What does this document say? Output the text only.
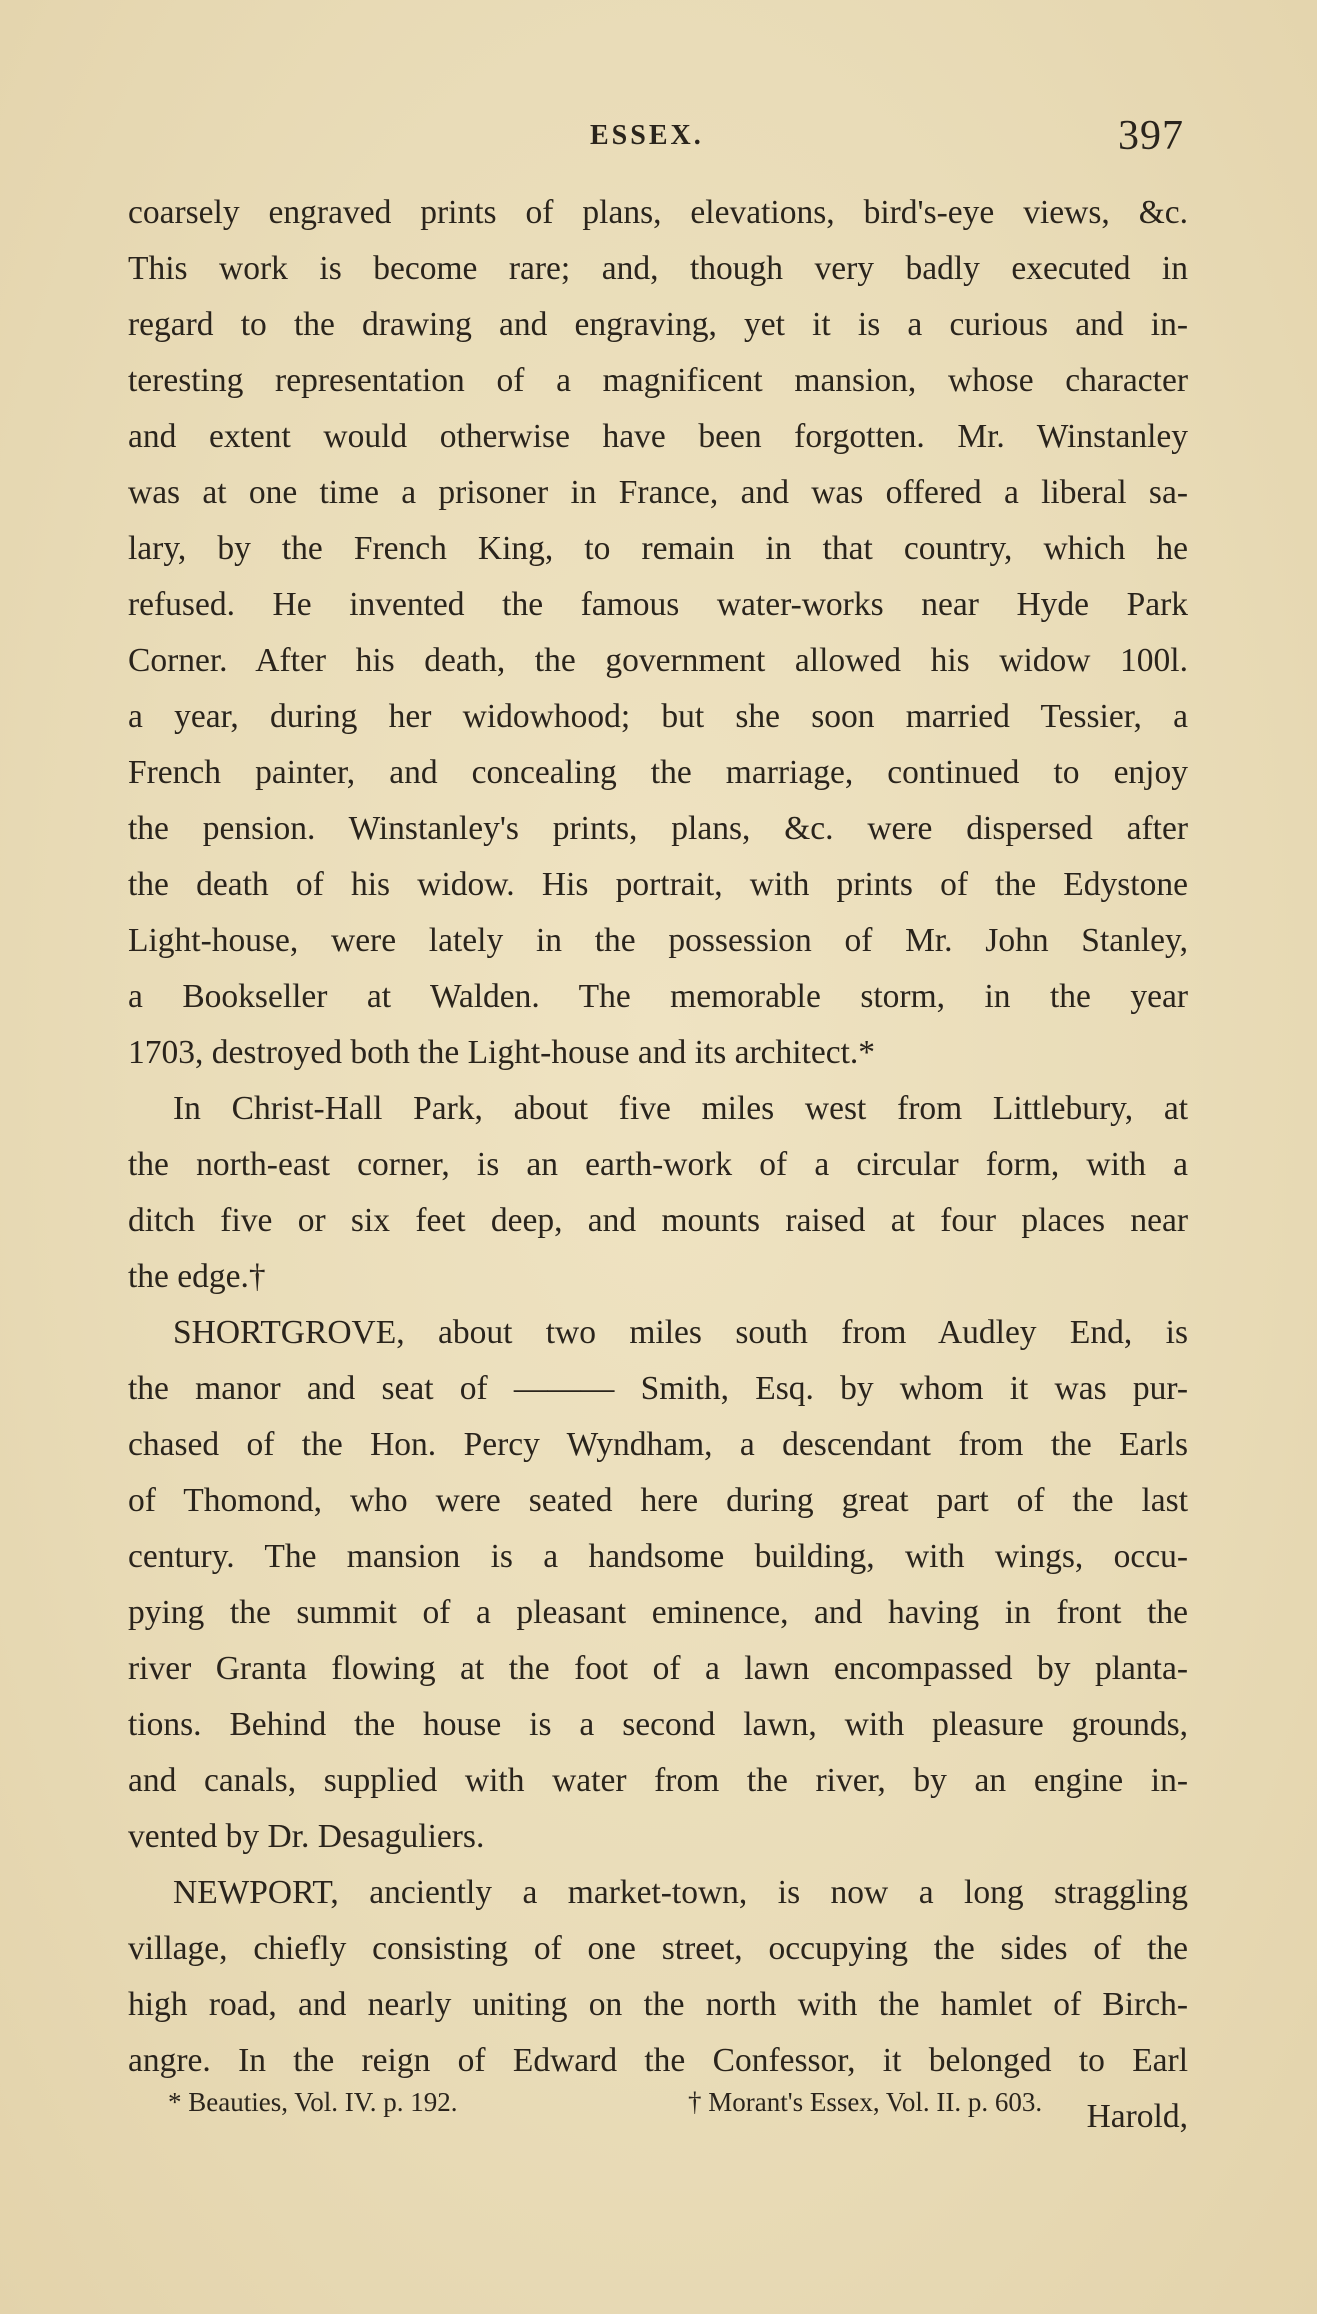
ESSEX.	397
coarsely engraved prints of plans, elevations, bird's-eye views, &c.
This work is become rare; and, though very badly executed in
regard to the drawing and engraving, yet it is a curious and in-
teresting representation of a magnificent mansion, whose character
and extent would otherwise have been forgotten. Mr. Winstanley
was at one time a prisoner in France, and was offered a liberal sa-
lary, by the French King, to remain in that country, which he
refused. He invented the famous water-works near Hyde Park
Corner. After his death, the government allowed his widow 100l.
a year, during her widowhood; but she soon married Tessier, a
French painter, and concealing the marriage, continued to enjoy
the pension. Winstanley's prints, plans, &c. were dispersed after
the death of his widow. His portrait, with prints of the Edystone
Light-house, were lately in the possession of Mr. John Stanley,
a Bookseller at Walden. The memorable storm, in the year
1703, destroyed both the Light-house and its architect.*
In Christ-Hall Park, about five miles west from Littlebury, at
the north-east corner, is an earth-work of a circular form, with a
ditch five or six feet deep, and mounts raised at four places near
the edge.†
SHORTGROVE, about two miles south from Audley End, is
the manor and seat of ——— Smith, Esq. by whom it was pur-
chased of the Hon. Percy Wyndham, a descendant from the Earls
of Thomond, who were seated here during great part of the last
century. The mansion is a handsome building, with wings, occu-
pying the summit of a pleasant eminence, and having in front the
river Granta flowing at the foot of a lawn encompassed by planta-
tions. Behind the house is a second lawn, with pleasure grounds,
and canals, supplied with water from the river, by an engine in-
vented by Dr. Desaguliers.
NEWPORT, anciently a market-town, is now a long straggling
village, chiefly consisting of one street, occupying the sides of the
high road, and nearly uniting on the north with the hamlet of Birch-
angre. In the reign of Edward the Confessor, it belonged to Earl
Harold,
* Beauties, Vol. IV. p. 192.	† Morant's Essex, Vol. II. p. 603.
